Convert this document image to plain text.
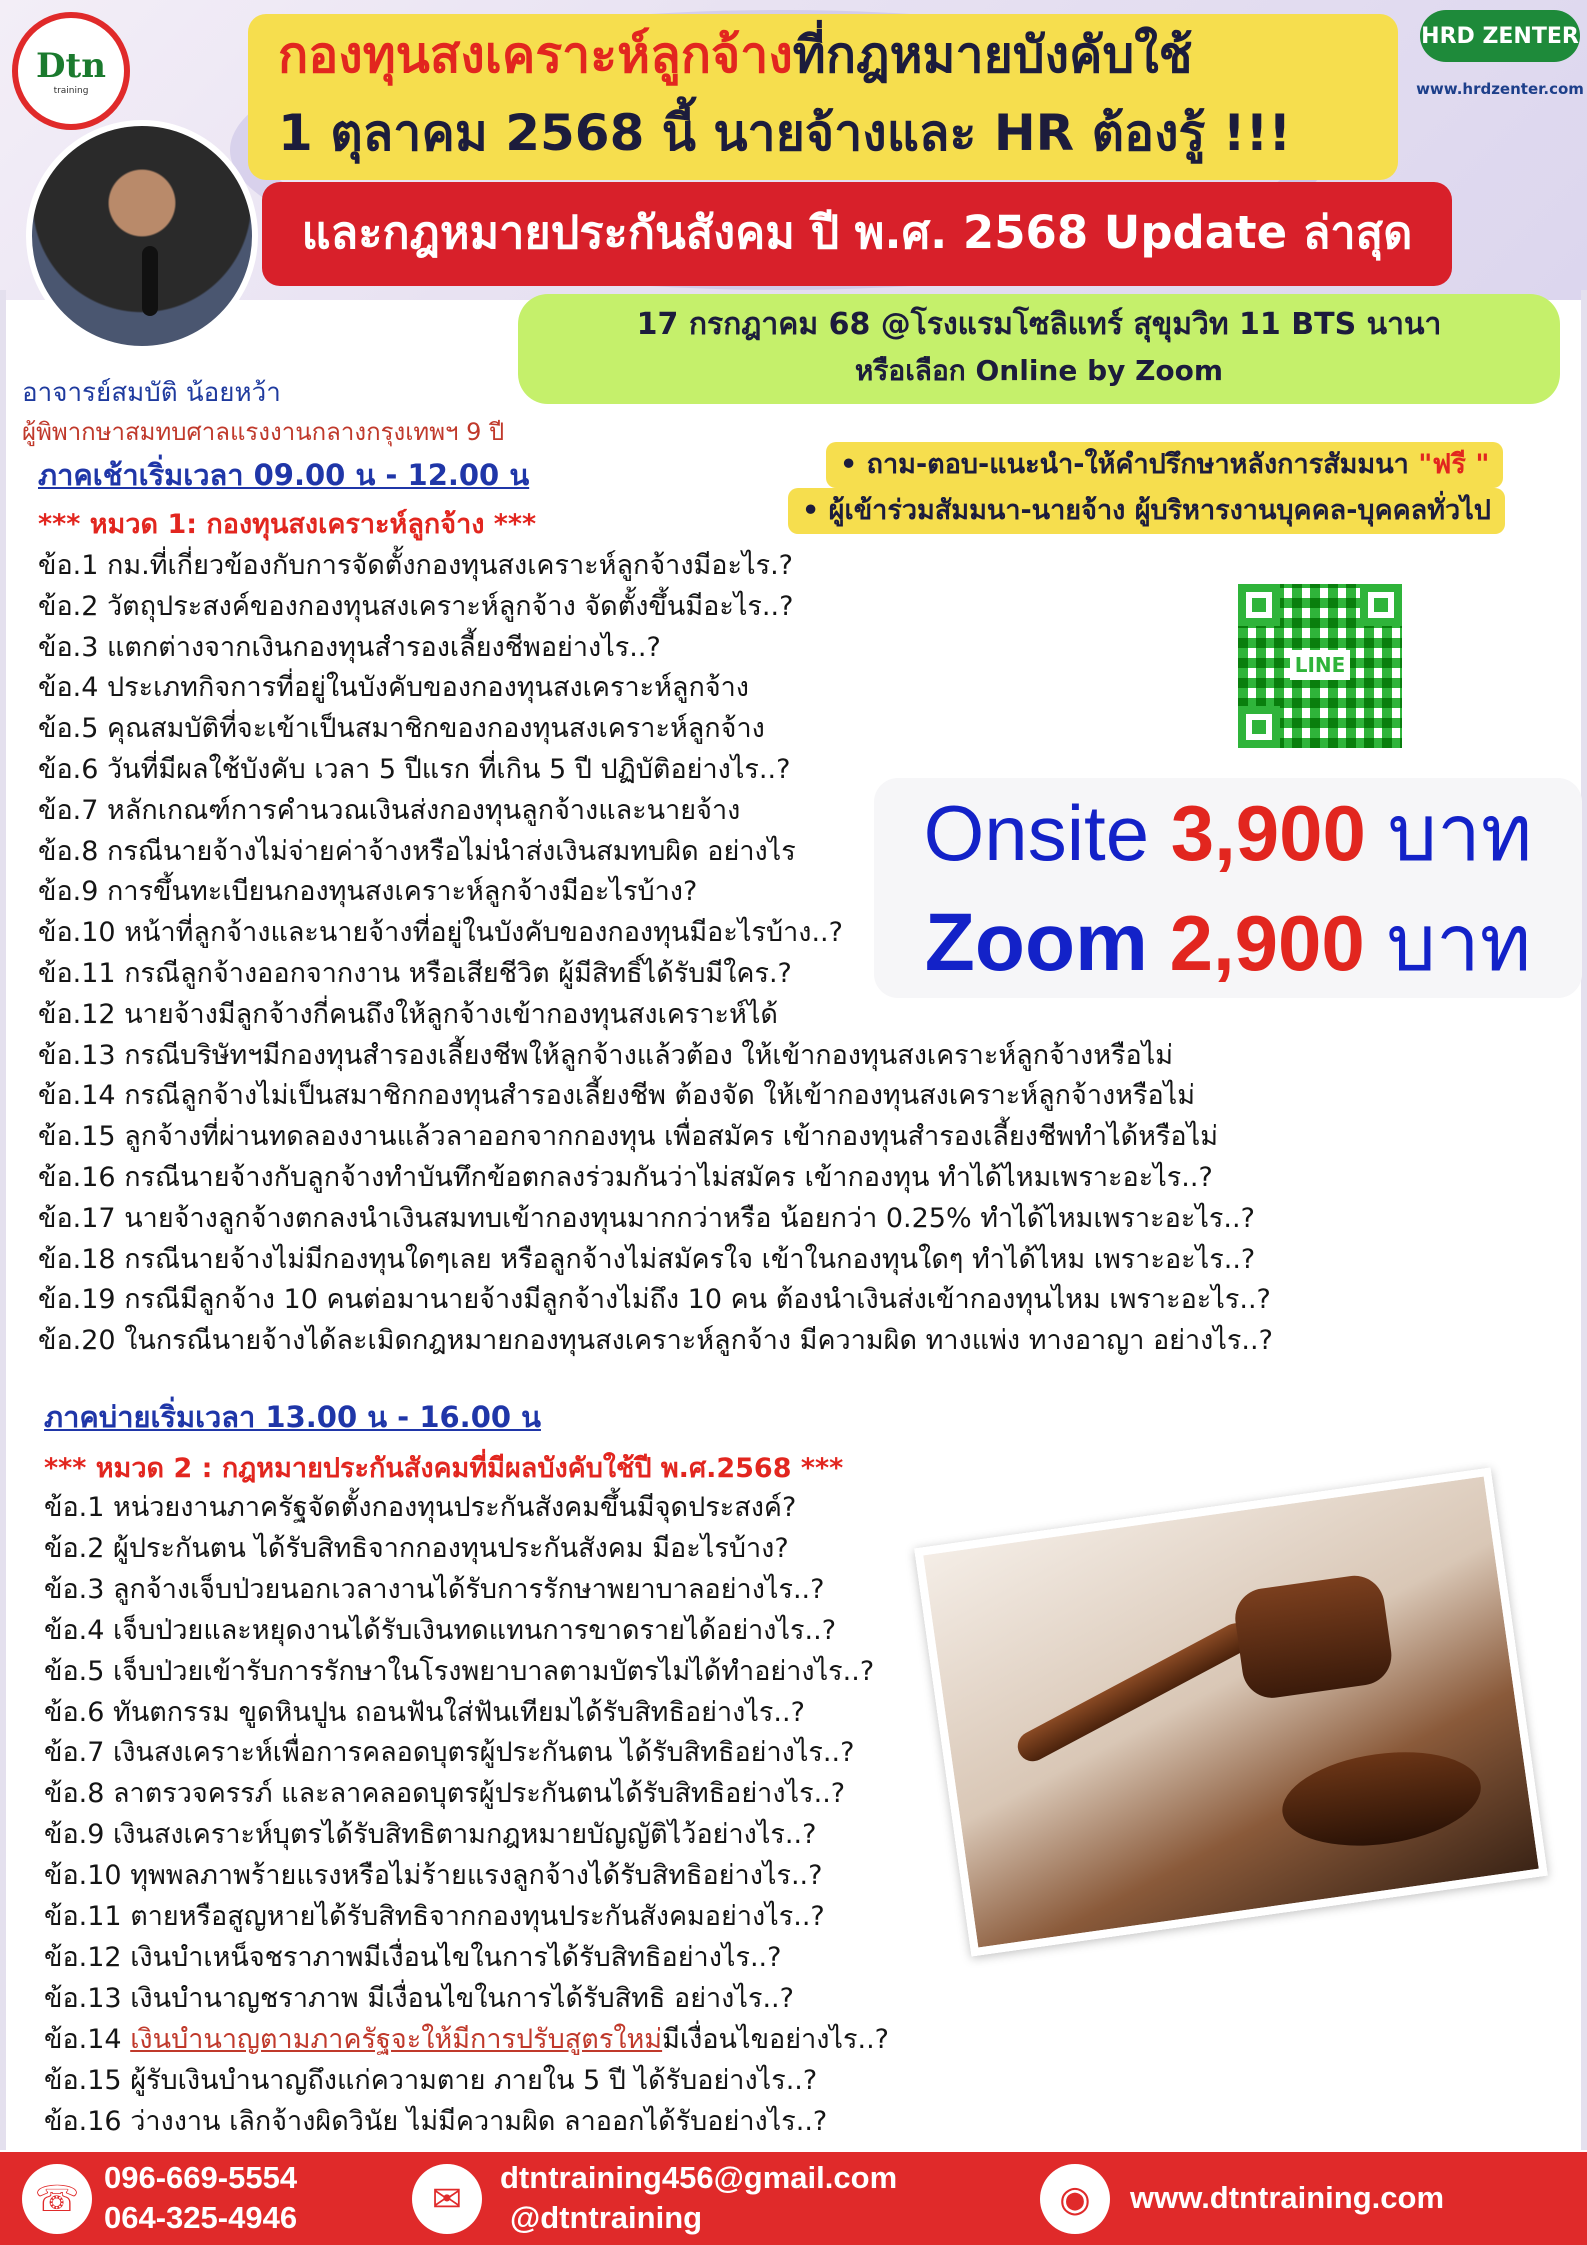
Dtn
training
กองทุนสงเคราะห์ลูกจ้างที่กฎหมายบังคับใช้
1 ตุลาคม 2568 นี้ นายจ้างและ HR ต้องรู้ !!!
และกฎหมายประกันสังคม ปี พ.ศ. 2568 Update ล่าสุด
HRD ZENTER
www.hrdzenter.com
อาจารย์สมบัติ น้อยหว้า
ผู้พิพากษาสมทบศาลแรงงานกลางกรุงเทพฯ 9 ปี
17 กรกฎาคม 68 @โรงแรมโซลิแทร์ สุขุมวิท 11 BTS นานา
หรือเลือก Online by Zoom
ภาคเช้าเริ่มเวลา 09.00 น - 12.00 น
*** หมวด 1: กองทุนสงเคราะห์ลูกจ้าง ***
• ถาม-ตอบ-แนะนำ-ให้คำปรึกษาหลังการสัมมนา "ฟรี "
• ผู้เข้าร่วมสัมมนา-นายจ้าง ผู้บริหารงานบุคคล-บุคคลทั่วไป
ข้อ.1 กม.ที่เกี่ยวข้องกับการจัดตั้งกองทุนสงเคราะห์ลูกจ้างมีอะไร.?
ข้อ.2 วัตถุประสงค์ของกองทุนสงเคราะห์ลูกจ้าง จัดตั้งขึ้นมีอะไร..?
ข้อ.3 แตกต่างจากเงินกองทุนสำรองเลี้ยงชีพอย่างไร..?
ข้อ.4 ประเภทกิจการที่อยู่ในบังคับของกองทุนสงเคราะห์ลูกจ้าง
ข้อ.5 คุณสมบัติที่จะเข้าเป็นสมาชิกของกองทุนสงเคราะห์ลูกจ้าง
ข้อ.6 วันที่มีผลใช้บังคับ เวลา 5 ปีแรก ที่เกิน 5 ปี ปฏิบัติอย่างไร..?
ข้อ.7 หลักเกณฑ์การคำนวณเงินส่งกองทุนลูกจ้างและนายจ้าง
ข้อ.8 กรณีนายจ้างไม่จ่ายค่าจ้างหรือไม่นำส่งเงินสมทบผิด อย่างไร
ข้อ.9 การขึ้นทะเบียนกองทุนสงเคราะห์ลูกจ้างมีอะไรบ้าง?
ข้อ.10 หน้าที่ลูกจ้างและนายจ้างที่อยู่ในบังคับของกองทุนมีอะไรบ้าง..?
ข้อ.11 กรณีลูกจ้างออกจากงาน หรือเสียชีวิต ผู้มีสิทธิ์ได้รับมีใคร.?
ข้อ.12 นายจ้างมีลูกจ้างกี่คนถึงให้ลูกจ้างเข้ากองทุนสงเคราะห์ได้
ข้อ.13 กรณีบริษัทฯมีกองทุนสำรองเลี้ยงชีพให้ลูกจ้างแล้วต้อง ให้เข้ากองทุนสงเคราะห์ลูกจ้างหรือไม่
ข้อ.14 กรณีลูกจ้างไม่เป็นสมาชิกกองทุนสำรองเลี้ยงชีพ ต้องจัด ให้เข้ากองทุนสงเคราะห์ลูกจ้างหรือไม่
ข้อ.15 ลูกจ้างที่ผ่านทดลองงานแล้วลาออกจากกองทุน เพื่อสมัคร เข้ากองทุนสำรองเลี้ยงชีพทำได้หรือไม่
ข้อ.16 กรณีนายจ้างกับลูกจ้างทำบันทึกข้อตกลงร่วมกันว่าไม่สมัคร เข้ากองทุน ทำได้ไหมเพราะอะไร..?
ข้อ.17 นายจ้างลูกจ้างตกลงนำเงินสมทบเข้ากองทุนมากกว่าหรือ น้อยกว่า 0.25% ทำได้ไหมเพราะอะไร..?
ข้อ.18 กรณีนายจ้างไม่มีกองทุนใดๆเลย หรือลูกจ้างไม่สมัครใจ เข้าในกองทุนใดๆ ทำได้ไหม เพราะอะไร..?
ข้อ.19 กรณีมีลูกจ้าง 10 คนต่อมานายจ้างมีลูกจ้างไม่ถึง 10 คน ต้องนำเงินส่งเข้ากองทุนไหม เพราะอะไร..?
ข้อ.20 ในกรณีนายจ้างได้ละเมิดกฎหมายกองทุนสงเคราะห์ลูกจ้าง มีความผิด ทางแพ่ง ทางอาญา อย่างไร..?
LINE
Onsite 3,900 บาท
Zoom 2,900 บาท
ภาคบ่ายเริ่มเวลา 13.00 น - 16.00 น
*** หมวด 2 : กฎหมายประกันสังคมที่มีผลบังคับใช้ปี พ.ศ.2568 ***
ข้อ.1 หน่วยงานภาครัฐจัดตั้งกองทุนประกันสังคมขึ้นมีจุดประสงค์?
ข้อ.2 ผู้ประกันตน ได้รับสิทธิจากกองทุนประกันสังคม มีอะไรบ้าง?
ข้อ.3 ลูกจ้างเจ็บป่วยนอกเวลางานได้รับการรักษาพยาบาลอย่างไร..?
ข้อ.4 เจ็บป่วยและหยุดงานได้รับเงินทดแทนการขาดรายได้อย่างไร..?
ข้อ.5 เจ็บป่วยเข้ารับการรักษาในโรงพยาบาลตามบัตรไม่ได้ทำอย่างไร..?
ข้อ.6 ทันตกรรม ขูดหินปูน ถอนฟันใส่ฟันเทียมได้รับสิทธิอย่างไร..?
ข้อ.7 เงินสงเคราะห์เพื่อการคลอดบุตรผู้ประกันตน ได้รับสิทธิอย่างไร..?
ข้อ.8 ลาตรวจครรภ์ และลาคลอดบุตรผู้ประกันตนได้รับสิทธิอย่างไร..?
ข้อ.9 เงินสงเคราะห์บุตรได้รับสิทธิตามกฎหมายบัญญัติไว้อย่างไร..?
ข้อ.10 ทุพพลภาพร้ายแรงหรือไม่ร้ายแรงลูกจ้างได้รับสิทธิอย่างไร..?
ข้อ.11 ตายหรือสูญหายได้รับสิทธิจากกองทุนประกันสังคมอย่างไร..?
ข้อ.12 เงินบำเหน็จชราภาพมีเงื่อนไขในการได้รับสิทธิอย่างไร..?
ข้อ.13 เงินบำนาญชราภาพ มีเงื่อนไขในการได้รับสิทธิ อย่างไร..?
ข้อ.14 เงินบำนาญตามภาครัฐจะให้มีการปรับสูตรใหม่มีเงื่อนไขอย่างไร..?
ข้อ.15 ผู้รับเงินบำนาญถึงแก่ความตาย ภายใน 5 ปี ได้รับอย่างไร..?
ข้อ.16 ว่างงาน เลิกจ้างผิดวินัย ไม่มีความผิด ลาออกได้รับอย่างไร..?
☏
096-669-5554
064-325-4946	✉
dtntraining456@gmail.com
@dtntraining	◉	www.dtntraining.com
